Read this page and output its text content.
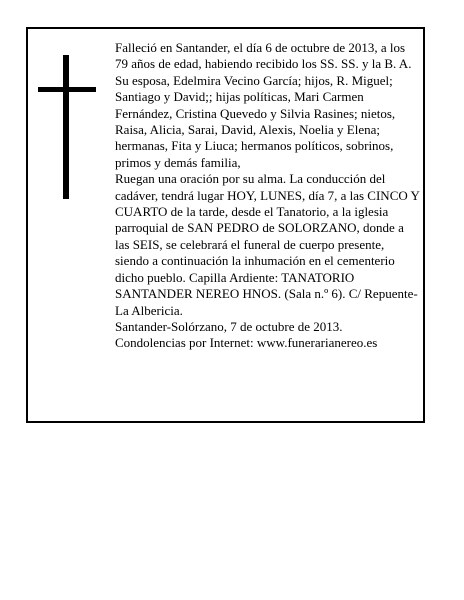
Falleció en Santander, el día 6 de octubre de 2013, a los 79 años de edad, habiendo recibido los SS. SS. y la B. A.

Su esposa, Edelmira Vecino García; hijos, R. Miguel; Santiago y David;; hijas políticas, Mari Carmen Fernández, Cristina Quevedo y Silvia Rasines; nietos, Raisa, Alicia, Sarai, David, Alexis, Noelia y Elena; hermanas, Fita y Liuca; hermanos políticos, sobrinos, primos y demás familia,

Ruegan una oración por su alma. La conducción del cadáver, tendrá lugar HOY, LUNES, día 7, a las CINCO Y CUARTO de la tarde, desde el Tanatorio, a la iglesia parroquial de SAN PEDRO de SOLORZANO, donde a las SEIS, se celebrará el funeral de cuerpo presente, siendo a continuación la inhumación en el cementerio dicho pueblo. Capilla Ardiente: TANATORIO SANTANDER NEREO HNOS. (Sala n.º 6). C/ Repuente-La Albericia.

Santander-Solórzano, 7 de octubre de 2013.

Condolencias por Internet: www.funerarianereo.es
